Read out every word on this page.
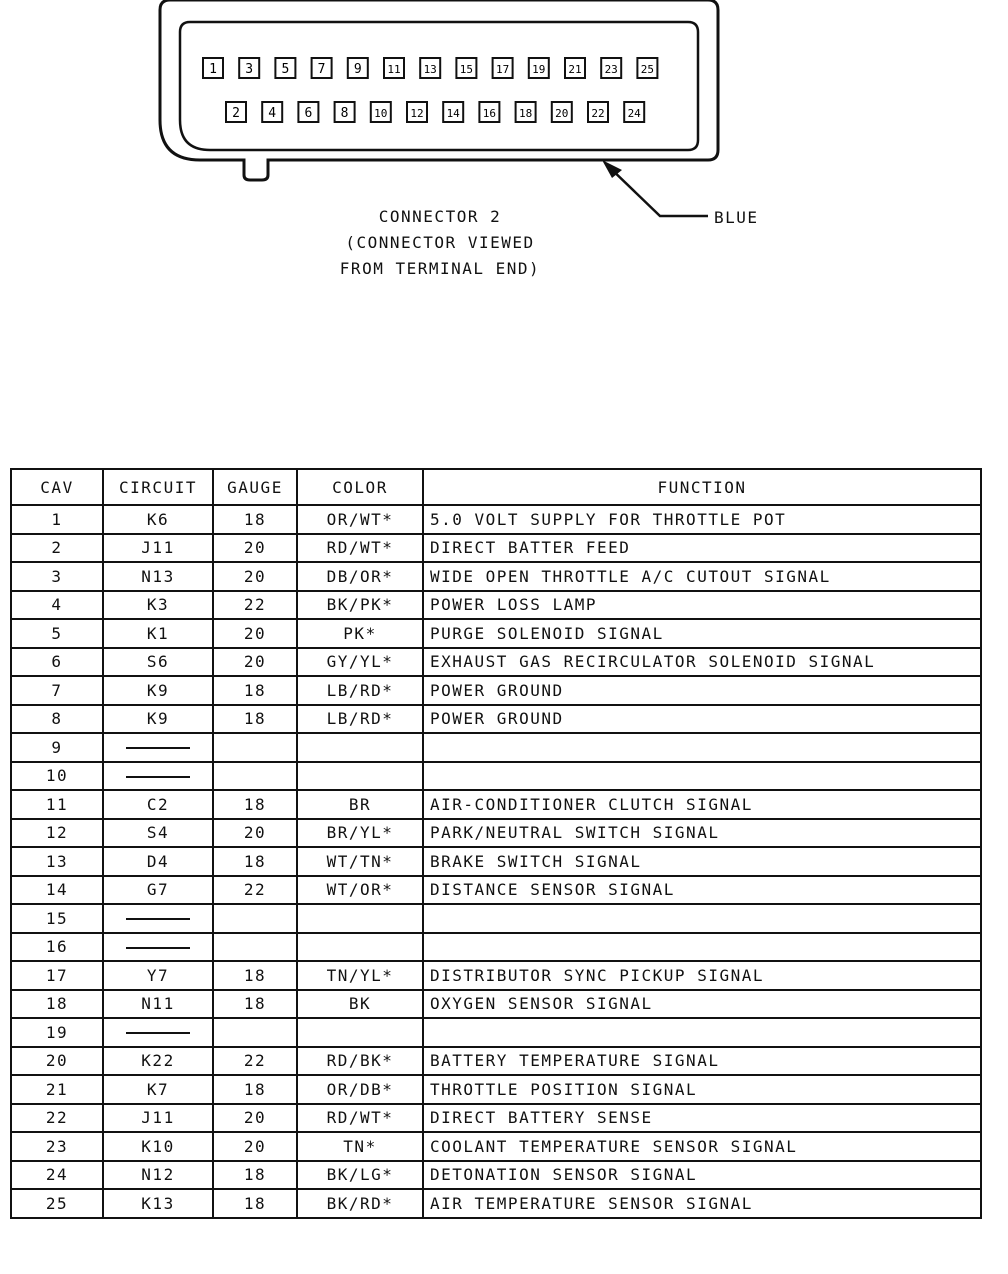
1 3 5 7 9 11 13 15 17 19 21 23 25
2 4 6 8 10 12 14 16 18 20 22 24
BLUE
CONNECTOR 2
(CONNECTOR VIEWED
FROM TERMINAL END)
CAV	CIRCUIT	GAUGE	COLOR	FUNCTION
1	K6	18	OR/WT*	5.0 VOLT SUPPLY FOR THROTTLE POT
2	J11	20	RD/WT*	DIRECT BATTER FEED
3	N13	20	DB/OR*	WIDE OPEN THROTTLE A/C CUTOUT SIGNAL
4	K3	22	BK/PK*	POWER LOSS LAMP
5	K1	20	PK*	PURGE SOLENOID SIGNAL
6	S6	20	GY/YL*	EXHAUST GAS RECIRCULATOR SOLENOID SIGNAL
7	K9	18	LB/RD*	POWER GROUND
8	K9	18	LB/RD*	POWER GROUND
9				
10				
11	C2	18	BR	AIR-CONDITIONER CLUTCH SIGNAL
12	S4	20	BR/YL*	PARK/NEUTRAL SWITCH SIGNAL
13	D4	18	WT/TN*	BRAKE SWITCH SIGNAL
14	G7	22	WT/OR*	DISTANCE SENSOR SIGNAL
15				
16				
17	Y7	18	TN/YL*	DISTRIBUTOR SYNC PICKUP SIGNAL
18	N11	18	BK	OXYGEN SENSOR SIGNAL
19				
20	K22	22	RD/BK*	BATTERY TEMPERATURE SIGNAL
21	K7	18	OR/DB*	THROTTLE POSITION SIGNAL
22	J11	20	RD/WT*	DIRECT BATTERY SENSE
23	K10	20	TN*	COOLANT TEMPERATURE SENSOR SIGNAL
24	N12	18	BK/LG*	DETONATION SENSOR SIGNAL
25	K13	18	BK/RD*	AIR TEMPERATURE SENSOR SIGNAL
